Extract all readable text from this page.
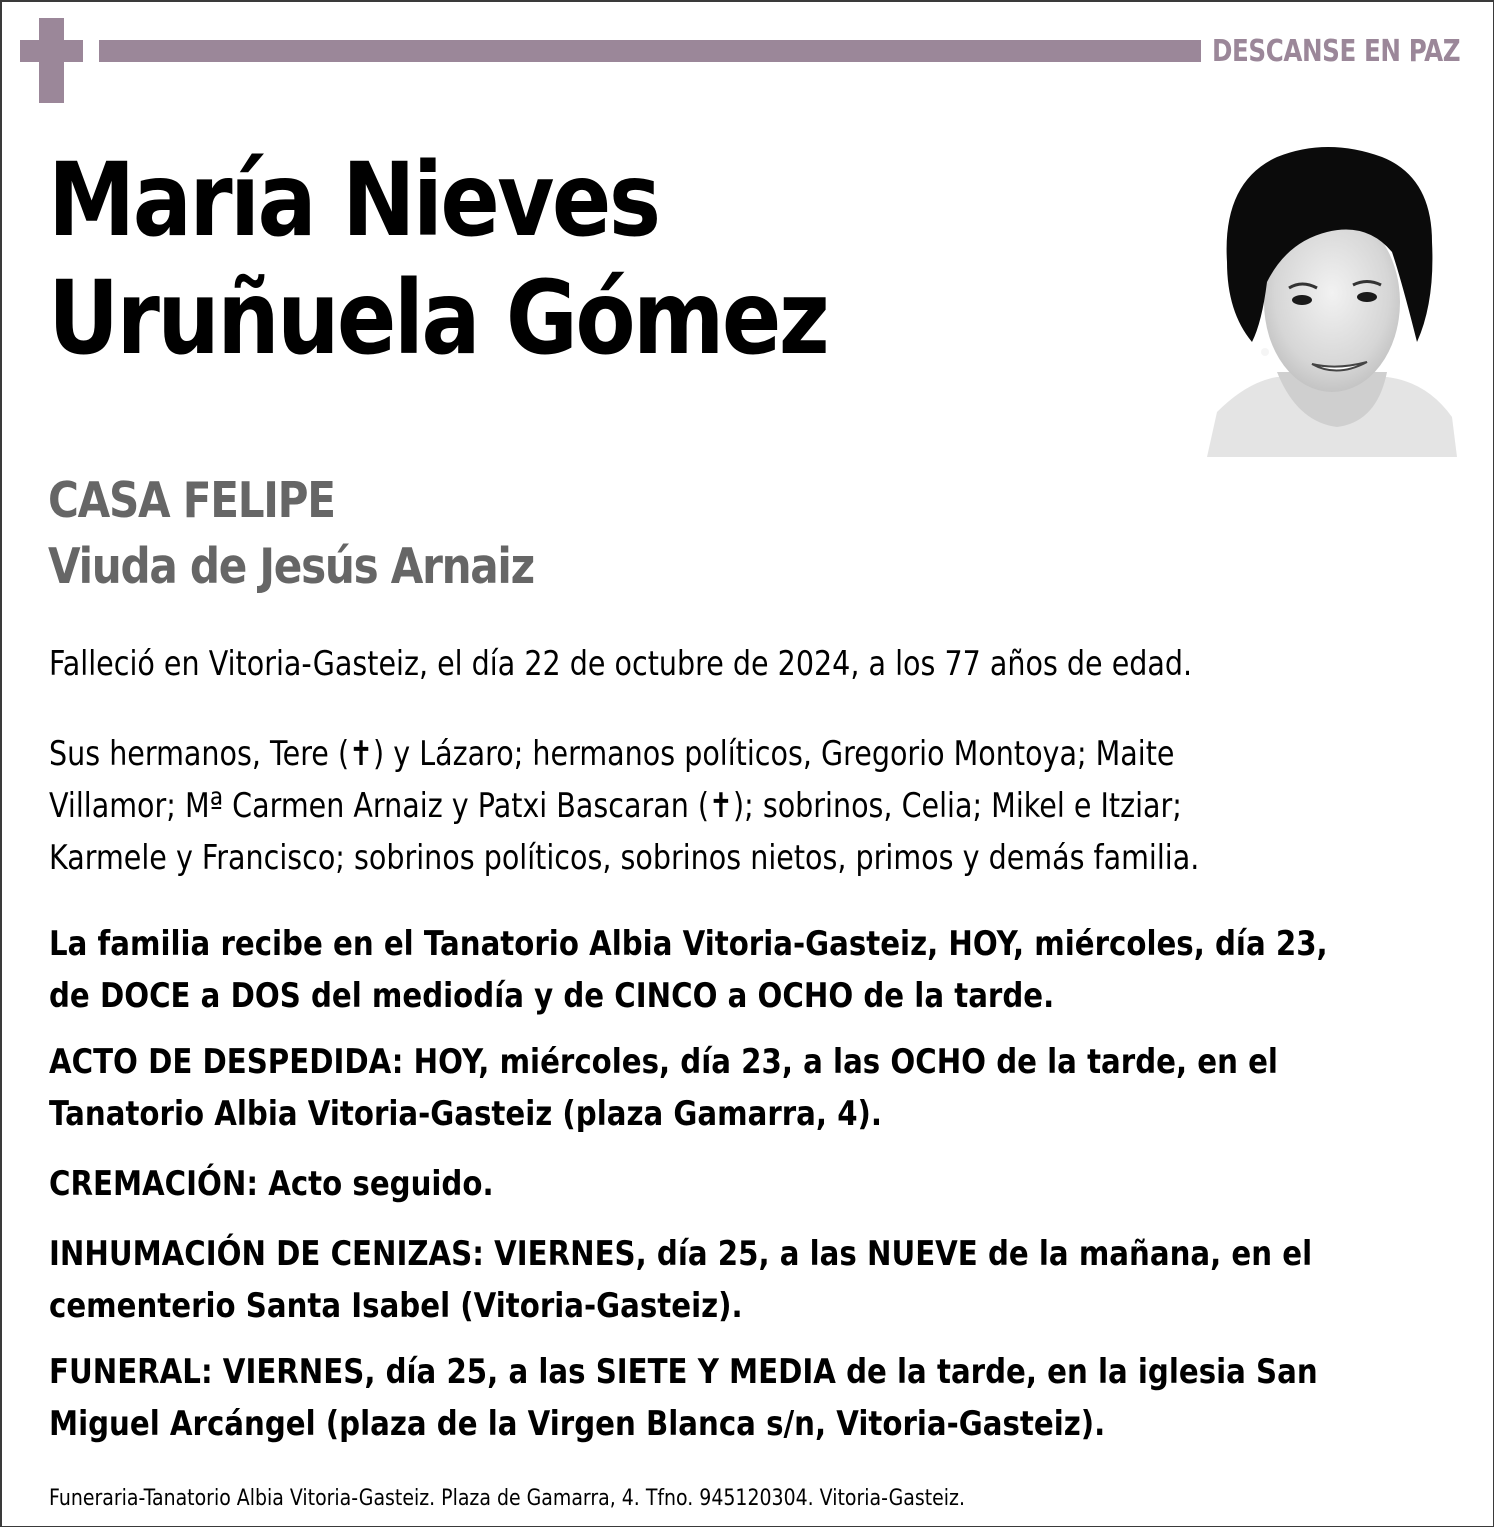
DESCANSE EN PAZ
María Nieves
Uruñuela Gómez
CASA FELIPE
Viuda de Jesús Arnaiz
Falleció en Vitoria-Gasteiz, el día 22 de octubre de 2024, a los 77 años de edad.
Sus hermanos, Tere (✝) y Lázaro; hermanos políticos, Gregorio Montoya; Maite
Villamor; Mª Carmen Arnaiz y Patxi Bascaran (✝); sobrinos, Celia; Mikel e Itziar;
Karmele y Francisco; sobrinos políticos, sobrinos nietos, primos y demás familia.
La familia recibe en el Tanatorio Albia Vitoria-Gasteiz, HOY, miércoles, día 23,
de DOCE a DOS del mediodía y de CINCO a OCHO de la tarde.
ACTO DE DESPEDIDA: HOY, miércoles, día 23, a las OCHO de la tarde, en el
Tanatorio Albia Vitoria-Gasteiz (plaza Gamarra, 4).
CREMACIÓN: Acto seguido.
INHUMACIÓN DE CENIZAS: VIERNES, día 25, a las NUEVE de la mañana, en el
cementerio Santa Isabel (Vitoria-Gasteiz).
FUNERAL: VIERNES, día 25, a las SIETE Y MEDIA de la tarde, en la iglesia San
Miguel Arcángel (plaza de la Virgen Blanca s/n, Vitoria-Gasteiz).
Funeraria-Tanatorio Albia Vitoria-Gasteiz. Plaza de Gamarra, 4. Tfno. 945120304. Vitoria-Gasteiz.
